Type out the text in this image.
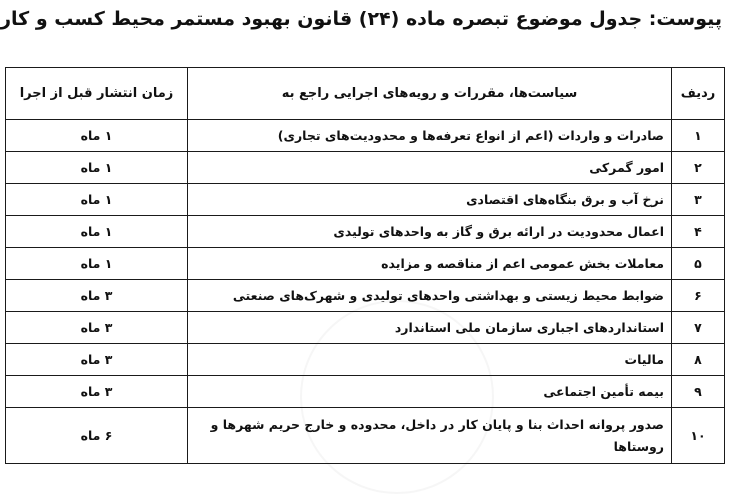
پیوست: جدول موضوع تبصره ماده (۲۴) قانون بهبود مستمر محیط کسب و کار
ردیف	سیاست‌ها، مقررات و رویه‌های اجرایی راجع به	زمان انتشار قبل از اجرا
۱	صادرات و واردات (اعم از انواع تعرفه‌ها و محدودیت‌های تجاری)	۱ ماه
۲	امور گمرکی	۱ ماه
۳	نرخ آب و برق بنگاه‌های اقتصادی	۱ ماه
۴	اعمال محدودیت در ارائه برق و گاز به واحدهای تولیدی	۱ ماه
۵	معاملات بخش عمومی اعم از مناقصه و مزایده	۱ ماه
۶	ضوابط محیط زیستی و بهداشتی واحدهای تولیدی و شهرک‌های صنعتی	۳ ماه
۷	استانداردهای اجباری سازمان ملی استاندارد	۳ ماه
۸	مالیات	۳ ماه
۹	بیمه تأمین اجتماعی	۳ ماه
۱۰	صدور پروانه احداث بنا و پایان کار در داخل، محدوده و خارج حریم شهرها و روستاها	۶ ماه
